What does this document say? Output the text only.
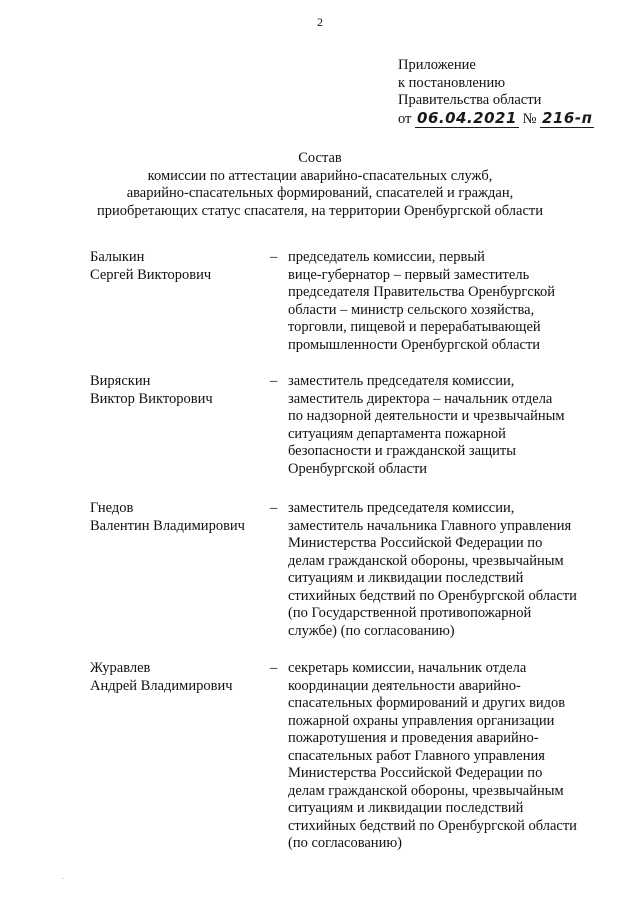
2
Приложение
к постановлению
Правительства области
от 06.04.2021 № 216-п
Состав
комиссии по аттестации аварийно-спасательных служб,
аварийно-спасательных формирований, спасателей и граждан,
приобретающих статус спасателя, на территории Оренбургской области
Балыкин
Сергей Викторович
– председатель комиссии, первый
вице-губернатор – первый заместитель
председателя Правительства Оренбургской
области – министр сельского хозяйства,
торговли, пищевой и перерабатывающей
промышленности Оренбургской области
Виряскин
Виктор Викторович
– заместитель председателя комиссии,
заместитель директора – начальник отдела
по надзорной деятельности и чрезвычайным
ситуациям департамента пожарной
безопасности и гражданской защиты
Оренбургской области
Гнедов
Валентин Владимирович
– заместитель председателя комиссии,
заместитель начальника Главного управления
Министерства Российской Федерации по
делам гражданской обороны, чрезвычайным
ситуациям и ликвидации последствий
стихийных бедствий по Оренбургской области
(по Государственной противопожарной
службе) (по согласованию)
Журавлев
Андрей Владимирович
– секретарь комиссии, начальник отдела
координации деятельности аварийно-
спасательных формирований и других видов
пожарной охраны управления организации
пожаротушения и проведения аварийно-
спасательных работ Главного управления
Министерства Российской Федерации по
делам гражданской обороны, чрезвычайным
ситуациям и ликвидации последствий
стихийных бедствий по Оренбургской области
(по согласованию)
.
